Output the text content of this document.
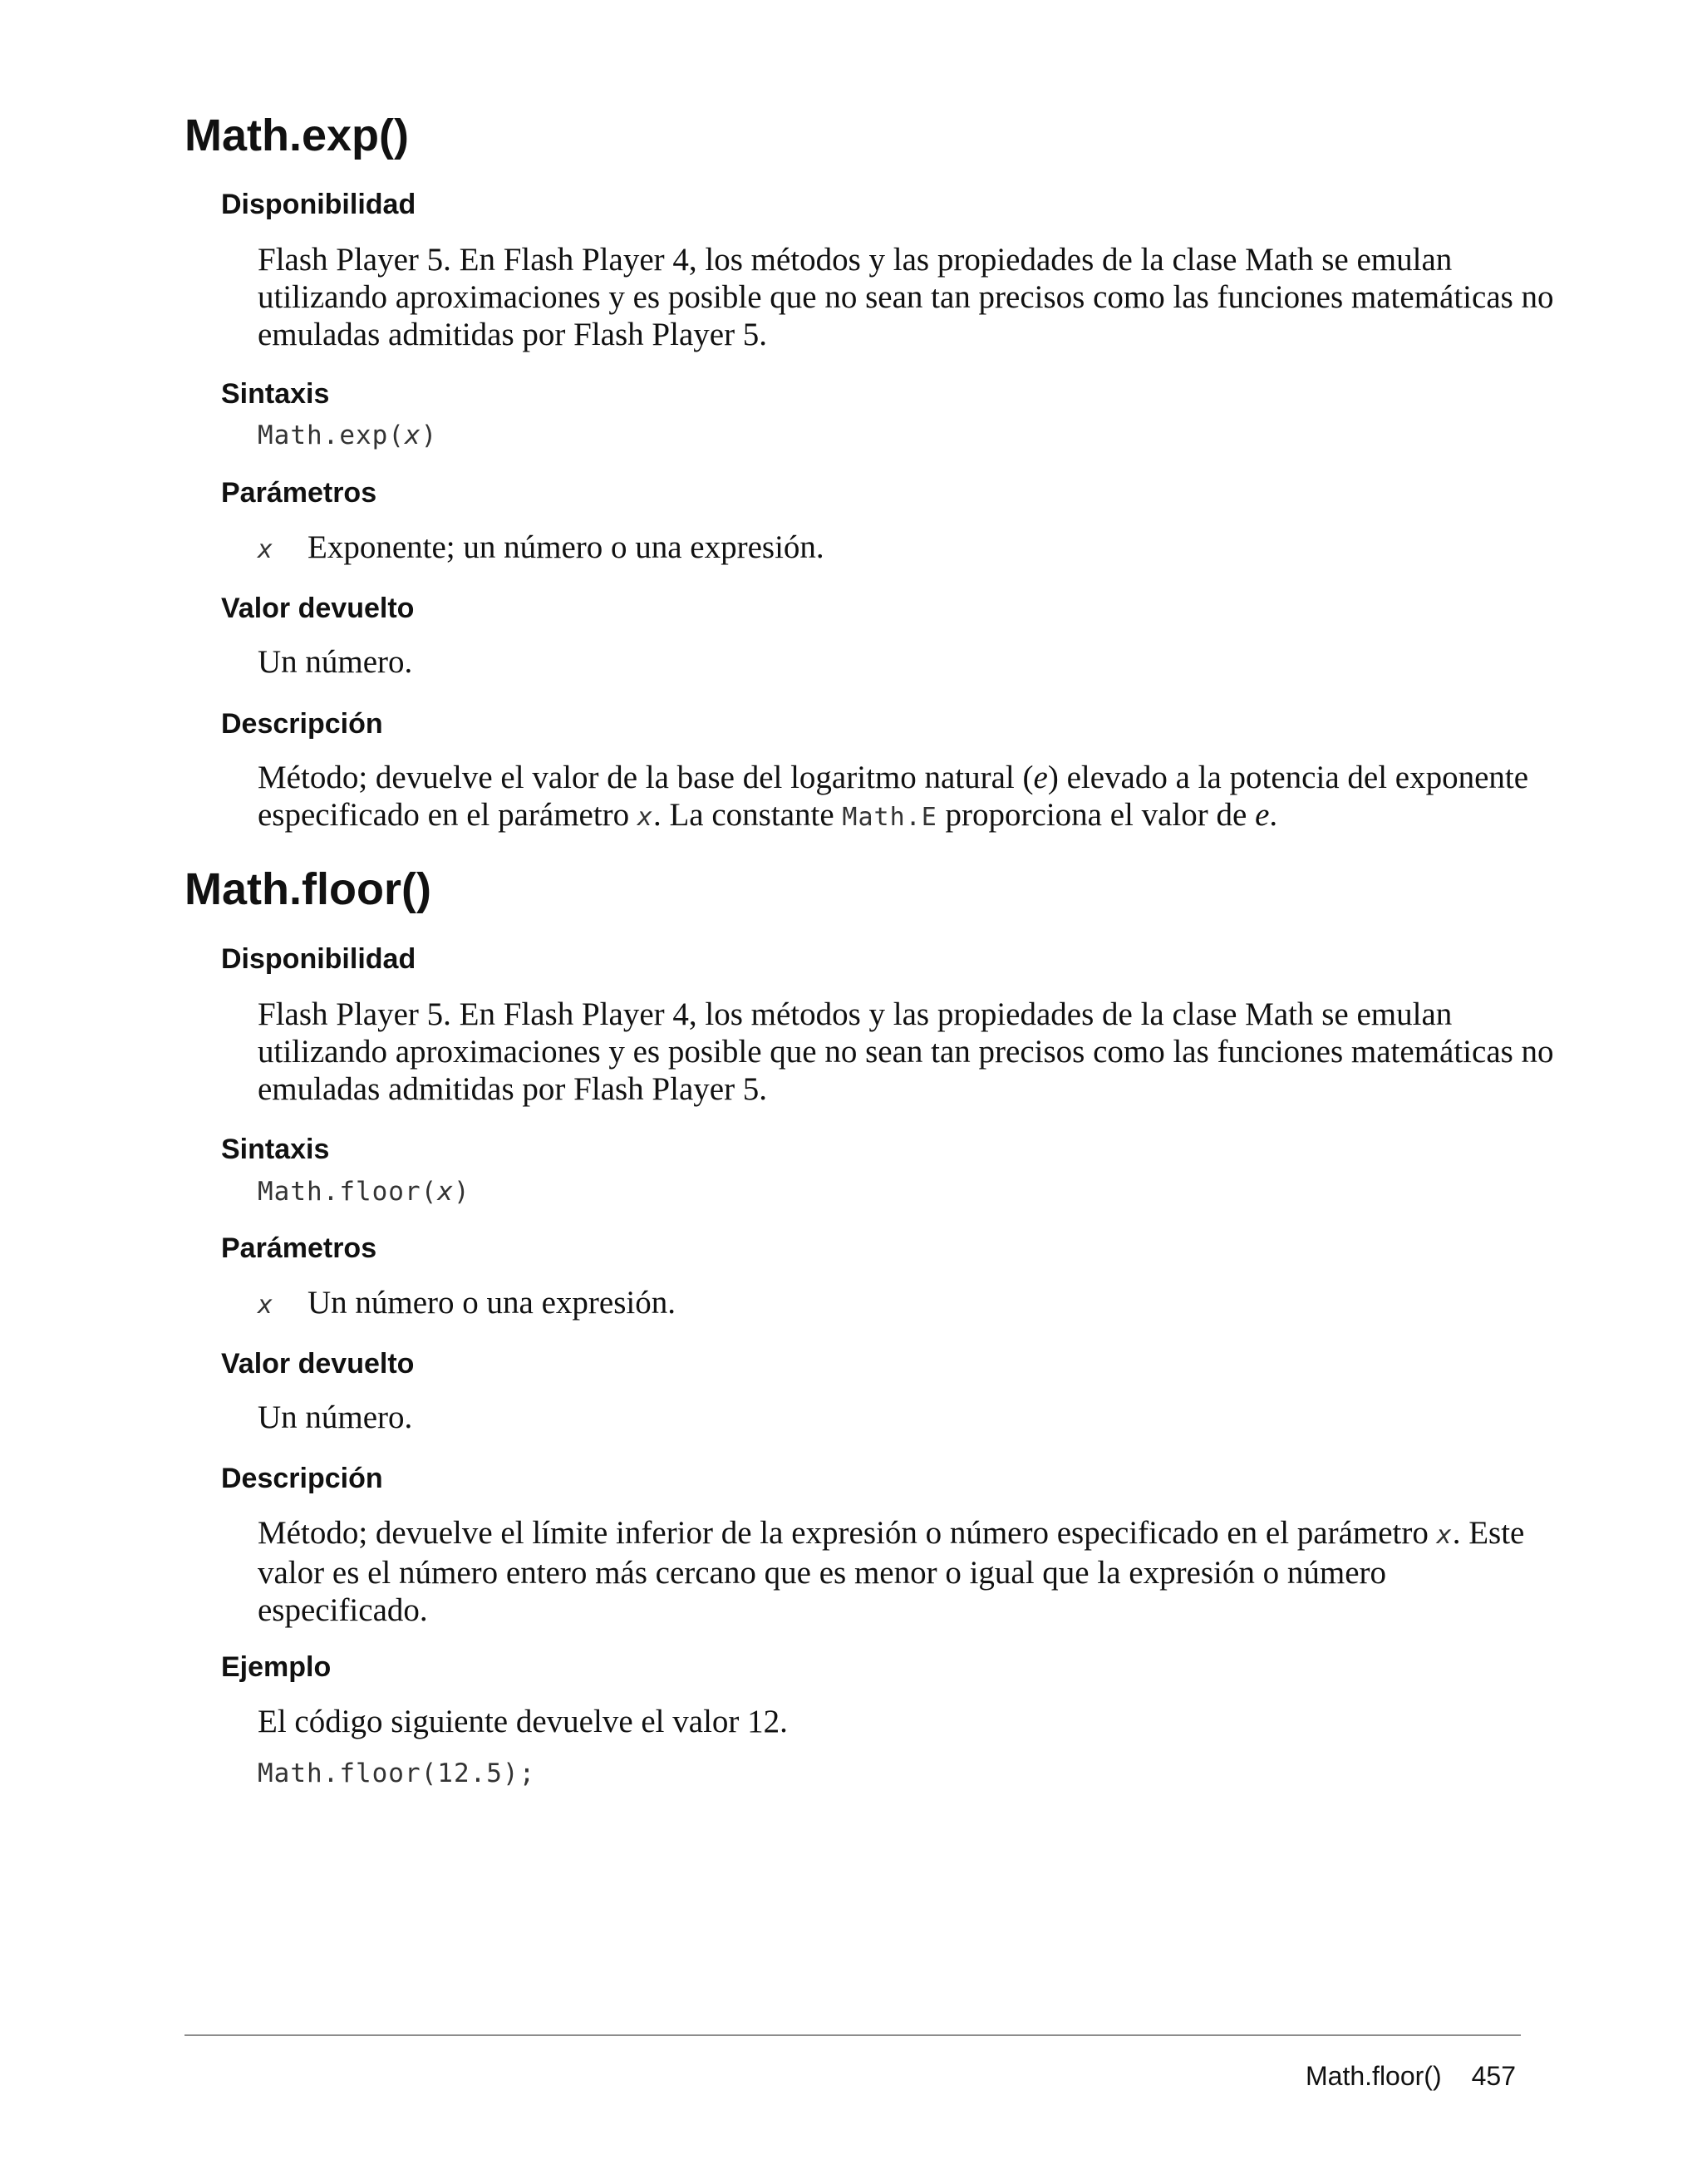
Math.exp()
Disponibilidad

Flash Player 5. En Flash Player 4, los métodos y las propiedades de la clase Math se emulan utilizando aproximaciones y es posible que no sean tan precisos como las funciones matemáticas no emuladas admitidas por Flash Player 5.

Sintaxis
Math.exp(x)
Parámetros
x	Exponente; un número o una expresión.
Valor devuelto

Un número.

Descripción

Método; devuelve el valor de la base del logaritmo natural (e) elevado a la potencia del exponente especificado en el parámetro x. La constante Math.E proporciona el valor de e.

Math.floor()
Disponibilidad

Flash Player 5. En Flash Player 4, los métodos y las propiedades de la clase Math se emulan utilizando aproximaciones y es posible que no sean tan precisos como las funciones matemáticas no emuladas admitidas por Flash Player 5.

Sintaxis
Math.floor(x)
Parámetros
x	Un número o una expresión.
Valor devuelto

Un número.

Descripción

Método; devuelve el límite inferior de la expresión o número especificado en el parámetro x. Este valor es el número entero más cercano que es menor o igual que la expresión o número especificado.

Ejemplo

El código siguiente devuelve el valor 12.

Math.floor(12.5);
Math.floor() 457
